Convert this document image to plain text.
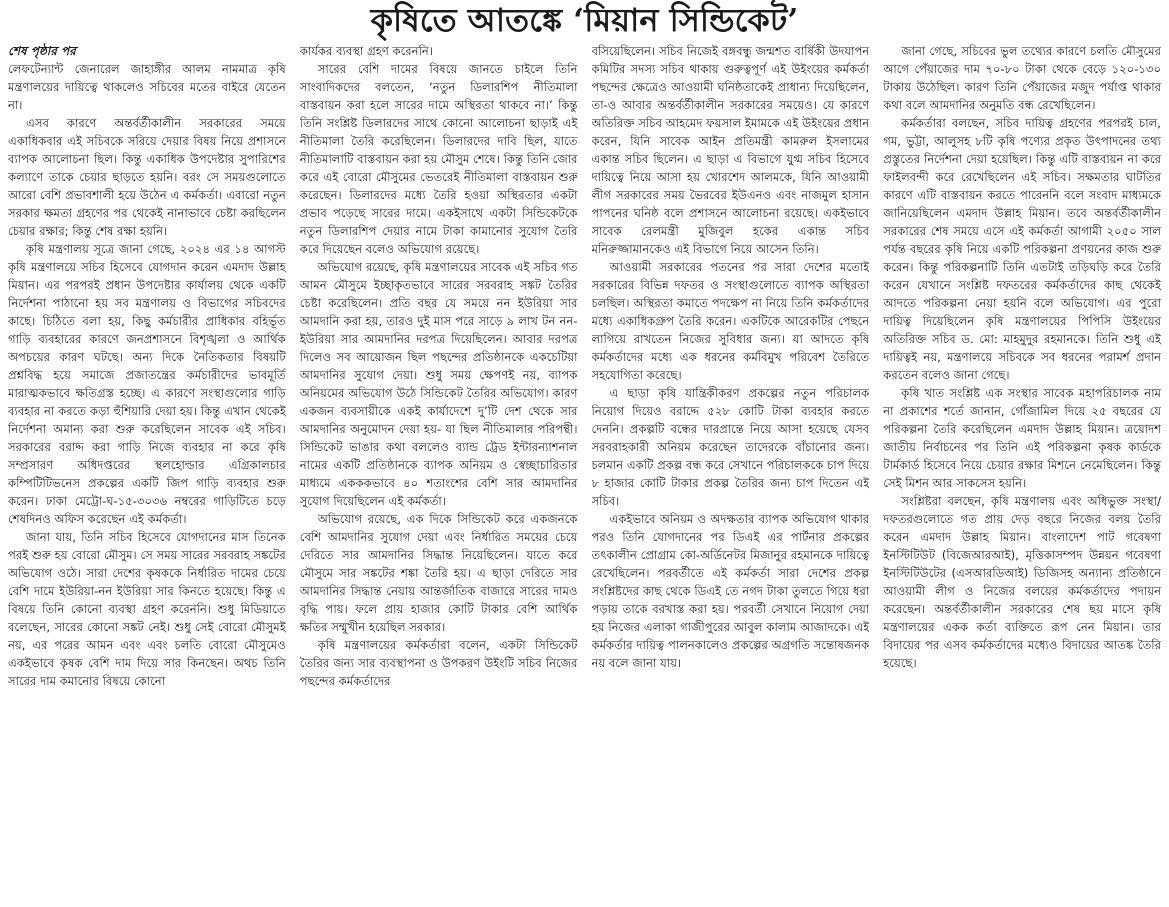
কৃষিতে আতঙ্কে ‘মিয়ান সিন্ডিকেট’
শেষ পৃষ্ঠার পর

লেফটেন্যান্ট জেনারেল জাহাঙ্গীর আলম নামমাত্র কৃষি মন্ত্রণালয়ের দায়িত্বে থাকলেও সচিবের মতের বাইরে যেতেন না।

এসব কারণে অন্তর্বর্তীকালীন সরকারের সময়ে একাধিকবার এই সচিবকে সরিয়ে দেয়ার বিষয় নিয়ে প্রশাসনে ব্যাপক আলোচনা ছিল। কিন্তু একাধিক উপদেষ্টার সুপারিশের কল্যাণে তাকে চেয়ার ছাড়তে হয়নি। বরং সে সময়গুলোতে আরো বেশি প্রভাবশালী হয়ে উঠেন এ কর্মকর্তা। এবারো নতুন সরকার ক্ষমতা গ্রহণের পর থেকেই নানাভাবে চেষ্টা করছিলেন চেয়ার রক্ষার; কিন্তু শেষ রক্ষা হয়নি।

কৃষি মন্ত্রণালয় সূত্রে জানা গেছে, ২০২৪ এর ১৪ আগস্ট কৃষি মন্ত্রণালয়ে সচিব হিসেবে যোগদান করেন এমদাদ উল্লাহ মিয়ান। এর পরপরই প্রধান উপদেষ্টার কার্যালয় থেকে একটি নির্দেশনা পাঠানো হয় সব মন্ত্রণালয় ও বিভাগের সচিবদের কাছে। চিঠিতে বলা হয়, কিছু কর্মচারীর প্রাধিকার বহির্ভূত গাড়ি ব্যবহারের কারণে জনপ্রশাসনে বিশৃঙ্খলা ও আর্থিক অপচয়ের কারণ ঘটছে। অন্য দিকে নৈতিকতার বিষয়টি প্রশ্নবিদ্ধ হয়ে সমাজে প্রজাতন্ত্রের কর্মচারীদের ভাবমূর্তি মারাত্মকভাবে ক্ষতিগ্রস্ত হচ্ছে। এ কারণে সংস্থাগুলোর গাড়ি ব্যবহার না করতে কড়া হুঁশিয়ারি দেয়া হয়। কিন্তু এখান থেকেই নির্দেশনা অমান্য করা শুরু করেছিলেন সাবেক এই সচিব। সরকারের বরাদ্দ করা গাড়ি নিজে ব্যবহার না করে কৃষি সম্প্রসারণ অধিদপ্তরের স্থলহোল্ডার এগ্রিকালচার কম্পিটিটিভনেস প্রকল্পের একটি জিপ গাড়ি ব্যবহার শুরু করেন। ঢাকা মেট্রো-ঘ-১৫-৩০৩৬ নম্বরের গাড়িটিতে চড়ে শেষদিনও অফিস করেছেন এই কর্মকর্তা।

জানা যায়, তিনি সচিব হিসেবে যোগদানের মাস তিনেক পরই শুরু হয় বোরো মৌসুম। সে সময় সারের সরবরাহ সঙ্কটের অভিযোগ ওঠে। সারা দেশের কৃষককে নির্ধারিত দামের চেয়ে বেশি দামে ইউরিয়া-নন ইউরিয়া সার কিনতে হয়েছে। কিন্তু এ বিষয়ে তিনি কোনো ব্যবস্থা গ্রহণ করেননি। শুধু মিডিয়াতে বলেছেন, সারের কোনো সঙ্কট নেই। শুধু সেই বোরো মৌসুমই নয়, এর পরের আমন এবং এবং চলতি বোরো মৌসুমেও একইভাবে কৃষক বেশি দাম দিয়ে সার কিনছেন। অথচ তিনি সারের দাম কমানোর বিষয়ে কোনো

কার্যকর ব্যবস্থা গ্রহণ করেননি।

সারের বেশি দামের বিষয়ে জানতে চাইলে তিনি সাংবাদিকদের বলতেন, ‘নতুন ডিলারশিপ নীতিমালা বাস্তবায়ন করা হলে সারের দামে অস্থিরতা থাকবে না।’ কিন্তু তিনি সংশ্লিষ্ট ডিলারদের সাথে কোনো আলোচনা ছাড়াই এই নীতিমালা তৈরি করেছিলেন। ডিলারদের দাবি ছিল, যাতে নীতিমালাটি বাস্তবায়ন করা হয় মৌসুম শেষে। কিন্তু তিনি জোর করে এই বোরো মৌসুমের ভেতরেই নীতিমালা বাস্তবায়ন শুরু করেছেন। ডিলারদের মধ্যে তৈরি হওয়া অস্থিরতার একটা প্রভাব পড়েছে সারের দামে। একইসাথে একটা সিন্ডিকেটকে নতুন ডিলারশিপ দেয়ার নামে টাকা কামানোর সুযোগ তৈরি করে দিয়েছেন বলেও অভিযোগ রয়েছে।

অভিযোগ রয়েছে, কৃষি মন্ত্রণালয়ের সাবেক এই সচিব গত আমন মৌসুমে ইচ্ছাকৃতভাবে সারের সরবরাহ সঙ্কট তৈরির চেষ্টা করেছিলেন। প্রতি বছর যে সময়ে নন ইউরিয়া সার আমদানি করা হয়, তারও দুই মাস পরে সাড়ে ৯ লাখ টন নন-ইউরিয়া সার আমদানির দরপত্র দিয়েছিলেন। আবার দরপত্র দিলেও সব আয়োজন ছিল পছন্দের প্রতিষ্ঠানকে একচেটিয়া আমদানির সুযোগ দেয়া। শুধু সময় ক্ষেপণই নয়, ব্যাপক অনিয়মের অভিযোগ উঠে সিন্ডিকেট তৈরির অভিযোগ। কারণ একজন ব্যবসায়ীকে একই কার্যাদেশে দু’টি দেশ থেকে সার আমদানির অনুমোদন দেয়া হয়- যা ছিল নীতিমালার পরিপন্থী। সিন্ডিকেট ভাঙার কথা বললেও ব্যান্ড ট্রেড ইন্টারন্যাশনাল নামের একটি প্রতিষ্ঠানকে ব্যাপক অনিয়ম ও স্বেচ্ছাচারিতার মাধ্যমে একককভাবে ৪০ শতাংশের বেশি সার আমদানির সুযোগ দিয়েছিলেন এই কর্মকর্তা।

অভিযোগ রয়েছে, এক দিকে সিন্ডিকেট করে একজনকে বেশি আমদানির সুযোগ দেয়া এবং নির্ধারিত সময়ের চেয়ে দেরিতে সার আমদানির সিদ্ধান্ত নিয়েছিলেন। যাতে করে মৌসুমে সার সঙ্কটের শঙ্কা তৈরি হয়। এ ছাড়া দেরিতে সার আমদানির সিদ্ধান্ত নেয়ায় আন্তর্জাতিক বাজারে সারের দামও বৃদ্ধি পায়। ফলে প্রায় হাজার কোটি টাকার বেশি আর্থিক ক্ষতির সম্মুখীন হয়েছিল সরকার।

কৃষি মন্ত্রণালয়ের কর্মকর্তারা বলেন, একটা সিন্ডিকেট তৈরির জন্য সার ব্যবস্থাপনা ও উপকরণ উইংটি সচিব নিজের পছন্দের কর্মকর্তাদের

বসিয়েছিলেন। সচিব নিজেই বঙ্গবন্ধু জন্মশত বার্ষিকী উদযাপন কমিটির সদস্য সচিব থাকায় গুরুত্বপূর্ণ এই উইংয়ের কর্মকর্তা পছন্দের ক্ষেত্রেও আওয়ামী ঘনিষ্ঠতাকেই প্রাধান্য দিয়েছিলেন, তা-ও আবার অন্তর্বর্তীকালীন সরকারের সময়েও। যে কারণে অতিরিক্ত সচিব আহমেদ ফয়সাল ইমামকে এই উইংয়ের প্রধান করেন, যিনি সাবেক আইন প্রতিমন্ত্রী কামরুল ইসলামের একান্ত সচিব ছিলেন। এ ছাড়া এ বিভাগে যুগ্ম সচিব হিসেবে দায়িত্বে নিয়ে আসা হয় খোরশেদ আলমকে, যিনি আওয়ামী লীগ সরকারের সময় ভৈরবের ইউএনও এবং নাজমুল হাসান পাপনের ঘনিষ্ঠ বলে প্রশাসনে আলোচনা রয়েছে। একইভাবে সাবেক রেলমন্ত্রী মুজিবুল হকের একান্ত সচিব মনিরুজ্জামানকেও এই বিভাগে নিয়ে আসেন তিনি।

আওয়ামী সরকারের পতনের পর সারা দেশের মতোই সরকারের বিভিন্ন দফতর ও সংস্থাগুলোতে ব্যাপক অস্থিরতা চলছিল। অস্থিরতা কমাতে পদক্ষেপ না নিয়ে তিনি কর্মকর্তাদের মধ্যে একাধিকগ্রুপ তৈরি করেন। একটিকে আরেকটির পেছনে লাগিয়ে রাখতেন নিজের সুবিধার জন্য। যা আদতে কৃষি কর্মকর্তাদের মধ্যে এক ধরনের কর্মবিমুখ পরিবেশ তৈরিতে সহযোগিতা করেছে।

এ ছাড়া কৃষি যান্ত্রিকীকরণ প্রকল্পের নতুন পরিচালক নিয়োগ দিয়েও বরাদ্দে ৫২৮ কোটি টাকা ব্যবহার করতে দেননি। প্রকল্পটি বন্ধের দারপ্রান্তে নিয়ে আসা হয়েছে যেসব সরবরাহকারী অনিয়ম করেছেন তাদেরকে বাঁচানোর জন্য। চলমান একটি প্রকল্প বন্ধ করে সেখানে পরিচালককে চাপ দিয়ে ৮ হাজার কোটি টাকার প্রকল্প তৈরির জন্য চাপ দিতেন এই সচিব।

একইভাবে অনিয়ম ও অদক্ষতার ব্যাপক অভিযোগ থাকার পরও তিনি যোগদানের পর ডিএই এর পার্টনার প্রকল্পের তৎকালীন প্রোগ্রাম কো-অর্ডিনেটর মিজানুর রহমানকে দায়িত্বে রেখেছিলেন। পরবর্তীতে এই কর্মকর্তা সারা দেশের প্রকল্প সংশ্লিষ্টদের কাছ থেকে ডিএই তে নগদ টাকা তুলতে গিয়ে ধরা পড়ায় তাকে বরখাস্ত করা হয়। পরবর্তী সেখানে নিয়োগ দেয়া হয় নিজের এলাকা গাজীপুরের আবুল কালাম আজাদকে। এই কর্মকর্তার দায়িত্ব পালনকালেও প্রকল্পের অগ্রগতি সন্তোষজনক নয় বলে জানা যায়।

জানা গেছে, সচিবের ভুল তথ্যের কারণে চলতি মৌসুমের আগে পেঁয়াজের দাম ৭০-৮০ টাকা থেকে বেড়ে ১২০-১৩০ টাকায় উঠেছিল। কারণ তিনি পেঁয়াজের মজুদ পর্যাপ্ত থাকার কথা বলে আমদানির অনুমতি বন্ধ রেখেছিলেন।

কর্মকর্তারা বলছেন, সচিব দায়িত্ব গ্রহণের পরপরই চাল, গম, ভুট্টা, আলুসহ ৮টি কৃষি পণ্যের প্রকৃত উৎপাদনের তথ্য প্রস্তুতের নির্দেশনা দেয়া হয়েছিল। কিন্তু এটি বাস্তবায়ন না করে ফাইলবন্দী করে রেখেছিলেন এই সচিব। সক্ষমতার ঘাটতির কারণে এটি বাস্তবায়ন করতে পারেননি বলে সংবাদ মাধ্যমকে জানিয়েছিলেন এমদাদ উল্লাহ মিয়ান। তবে অন্তর্বর্তীকালীন সরকারের শেষ সময়ে এসে এই কর্মকর্তা আগামী ২০৫০ সাল পর্যন্ত বছরের কৃষি নিয়ে একটি পরিকল্পনা প্রণয়নের কাজ শুরু করেন। কিন্তু পরিকল্পনাটি তিনি এতটাই তড়িঘড়ি করে তৈরি করেন যেখানে সংশ্লিষ্ট দফতরের কর্মকর্তাদের কাছ থেকেই আদতে পরিকল্পনা নেয়া হয়নি বলে অভিযোগ। এর পুরো দায়িত্ব দিয়েছিলেন কৃষি মন্ত্রণালয়ের পিপিসি উইংয়ের অতিরিক্ত সচিব ড. মো: মাহমুদুর রহমানকে। তিনি শুধু এই দায়িত্বই নয়, মন্ত্রণালয়ে সচিবকে সব ধরনের পরামর্শ প্রদান করতেন বলেও জানা গেছে।

কৃষি খাত সংশ্লিষ্ট এক সংস্থার সাবেক মহাপরিচালক নাম না প্রকাশের শর্তে জানান, গোঁজামিল দিয়ে ২৫ বছরের যে পরিকল্পনা তৈরি করেছিলেন এমদাদ উল্লাহ মিয়ান। ত্রয়োদশ জাতীয় নির্বাচনের পর তিনি এই পরিকল্পনা কৃষক কার্ডকে টার্মকার্ড হিসেবে নিয়ে চেয়ার রক্ষার মিশনে নেমেছিলেন। কিন্তু সেই মিশন আর সাকসেস হয়নি।

সংশ্লিষ্টরা বলছেন, কৃষি মন্ত্রণালয় এবং অধিভুক্ত সংস্থা/দফতরগুলোতে গত প্রায় দেড় বছরে নিজের বলয় তৈরি করেন এমদাদ উল্লাহ মিয়ান। বাংলাদেশ পাট গবেষণা ইনস্টিটিউট (বিজেআরআই), মৃত্তিকাসম্পদ উন্নয়ন গবেষণা ইনস্টিটিউটের (এসআরডিআই) ডিজিসহ অন্যান্য প্রতিষ্ঠানে আওয়ামী লীগ ও নিজের বলয়ের কর্মকর্তাদের পদায়ন করেছেন। অন্তর্বর্তীকালীন সরকারের শেষ ছয় মাসে কৃষি মন্ত্রণালয়ের একক কর্তা ব্যক্তিতে রূপ নেন মিয়ান। তার বিদায়ের পর এসব কর্মকর্তাদের মধ্যেও বিদায়ের আতঙ্ক তৈরি হয়েছে।
